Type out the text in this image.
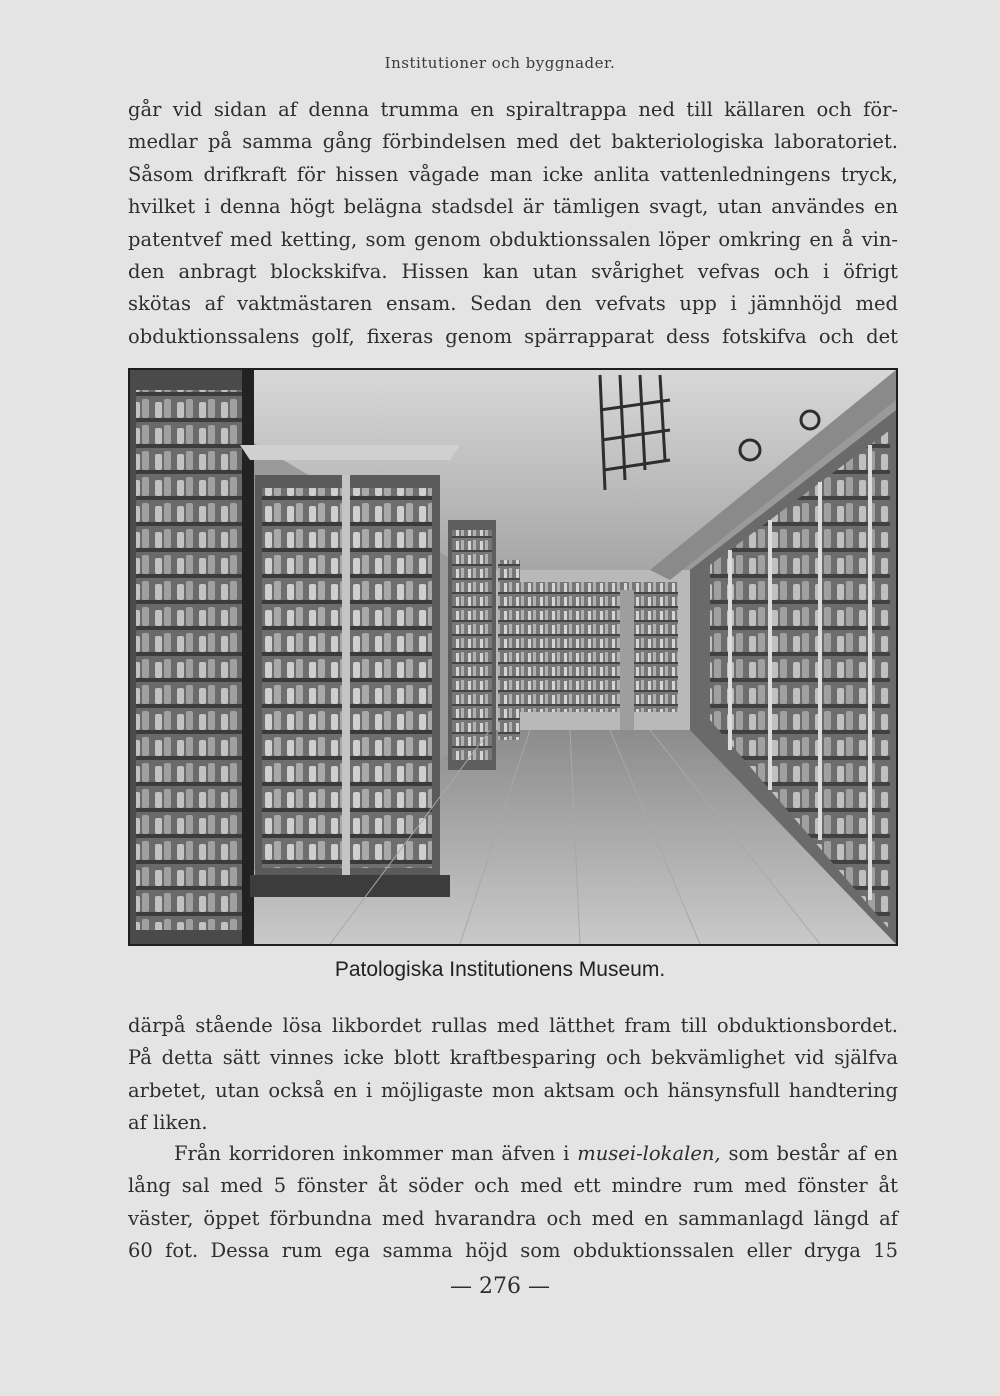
Institutioner och byggnader.
går vid sidan af denna trumma en spiraltrappa ned till källaren och för-
medlar på samma gång förbindelsen med det bakteriologiska laboratoriet.
Såsom drifkraft för hissen vågade man icke anlita vattenledningens tryck,
hvilket i denna högt belägna stadsdel är tämligen svagt, utan användes en
patentvef med ketting, som genom obduktionssalen löper omkring en å vin-
den anbragt blockskifva. Hissen kan utan svårighet vefvas och i öfrigt
skötas af vaktmästaren ensam. Sedan den vefvats upp i jämnhöjd med
obduktionssalens golf, fixeras genom spärrapparat dess fotskifva och det
Patologiska Institutionens Museum.
därpå stående lösa likbordet rullas med lätthet fram till obduktionsbordet.
På detta sätt vinnes icke blott kraftbesparing och bekvämlighet vid själfva
arbetet, utan också en i möjligaste mon aktsam och hänsynsfull handtering
af liken.
Från korridoren inkommer man äfven i musei-lokalen, som består af en
lång sal med 5 fönster åt söder och med ett mindre rum med fönster åt
väster, öppet förbundna med hvarandra och med en sammanlagd längd af
60 fot. Dessa rum ega samma höjd som obduktionssalen eller dryga 15
— 276 —
